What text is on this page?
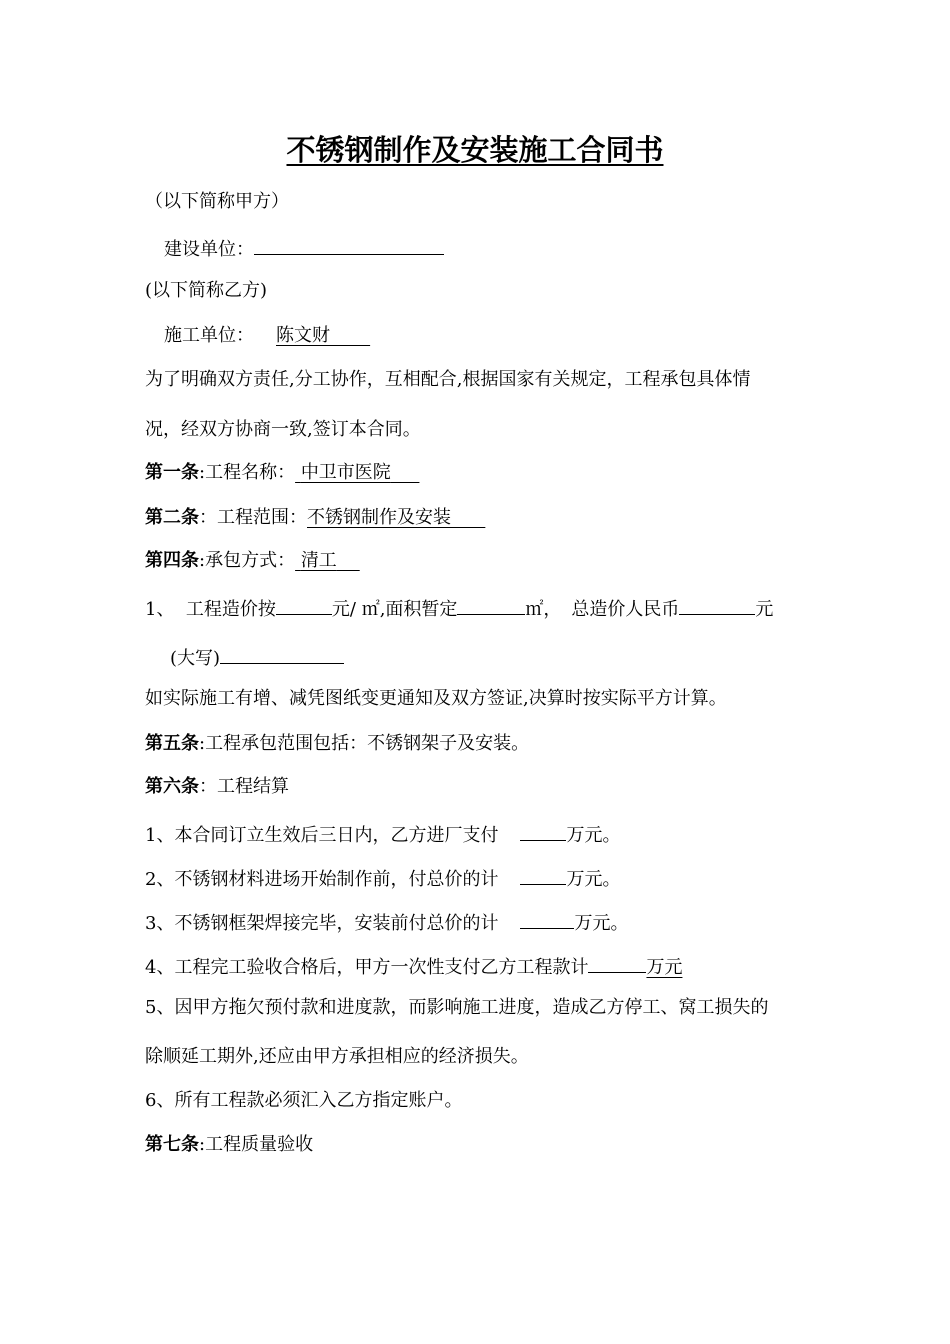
不锈钢制作及安装施工合同书
（以下简称甲方）
建设单位：
(以下简称乙方)
施工单位： 陈文财
为了明确双方责任,分工协作，互相配合,根据国家有关规定，工程承包具体情
况，经双方协商一致,签订本合同。
第一条:工程名称： 中卫市医院
第二条：工程范围：不锈钢制作及安装
第四条:承包方式： 清工
1、  工程造价按	元/ ㎡,面积暂定	㎡， 总造价人民币	元
(大写)
如实际施工有增、减凭图纸变更通知及双方签证,决算时按实际平方计算。
第五条:工程承包范围包括：不锈钢架子及安装。
第六条：工程结算
1、本合同订立生效后三日内，乙方进厂支付	万元。
2、不锈钢材料进场开始制作前，付总价的计	万元。
3、不锈钢框架焊接完毕，安装前付总价的计	万元。
4、工程完工验收合格后，甲方一次性支付乙方工程款计	万元
5、因甲方拖欠预付款和进度款，而影响施工进度，造成乙方停工、窝工损失的
除顺延工期外,还应由甲方承担相应的经济损失。
6、所有工程款必须汇入乙方指定账户。
第七条:工程质量验收
